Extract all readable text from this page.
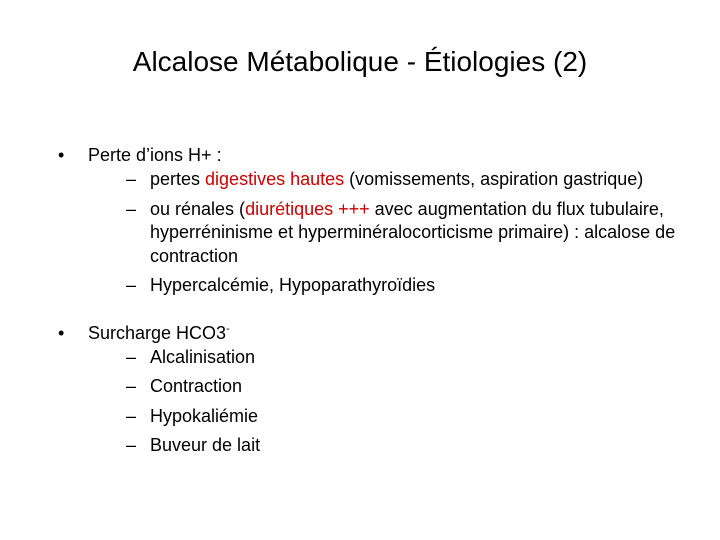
Alcalose Métabolique - Étiologies (2)
•	Perte d’ions H+ :
– pertes digestives hautes (vomissements, aspiration gastrique)
– ou rénales (diurétiques +++ avec augmentation du flux tubulaire, hyperréninisme et hyperminéralocorticisme primaire) : alcalose de contraction
– Hypercalcémie, Hypoparathyroïdies
•	Surcharge HCO3-
– Alcalinisation
– Contraction
– Hypokaliémie
– Buveur de lait
